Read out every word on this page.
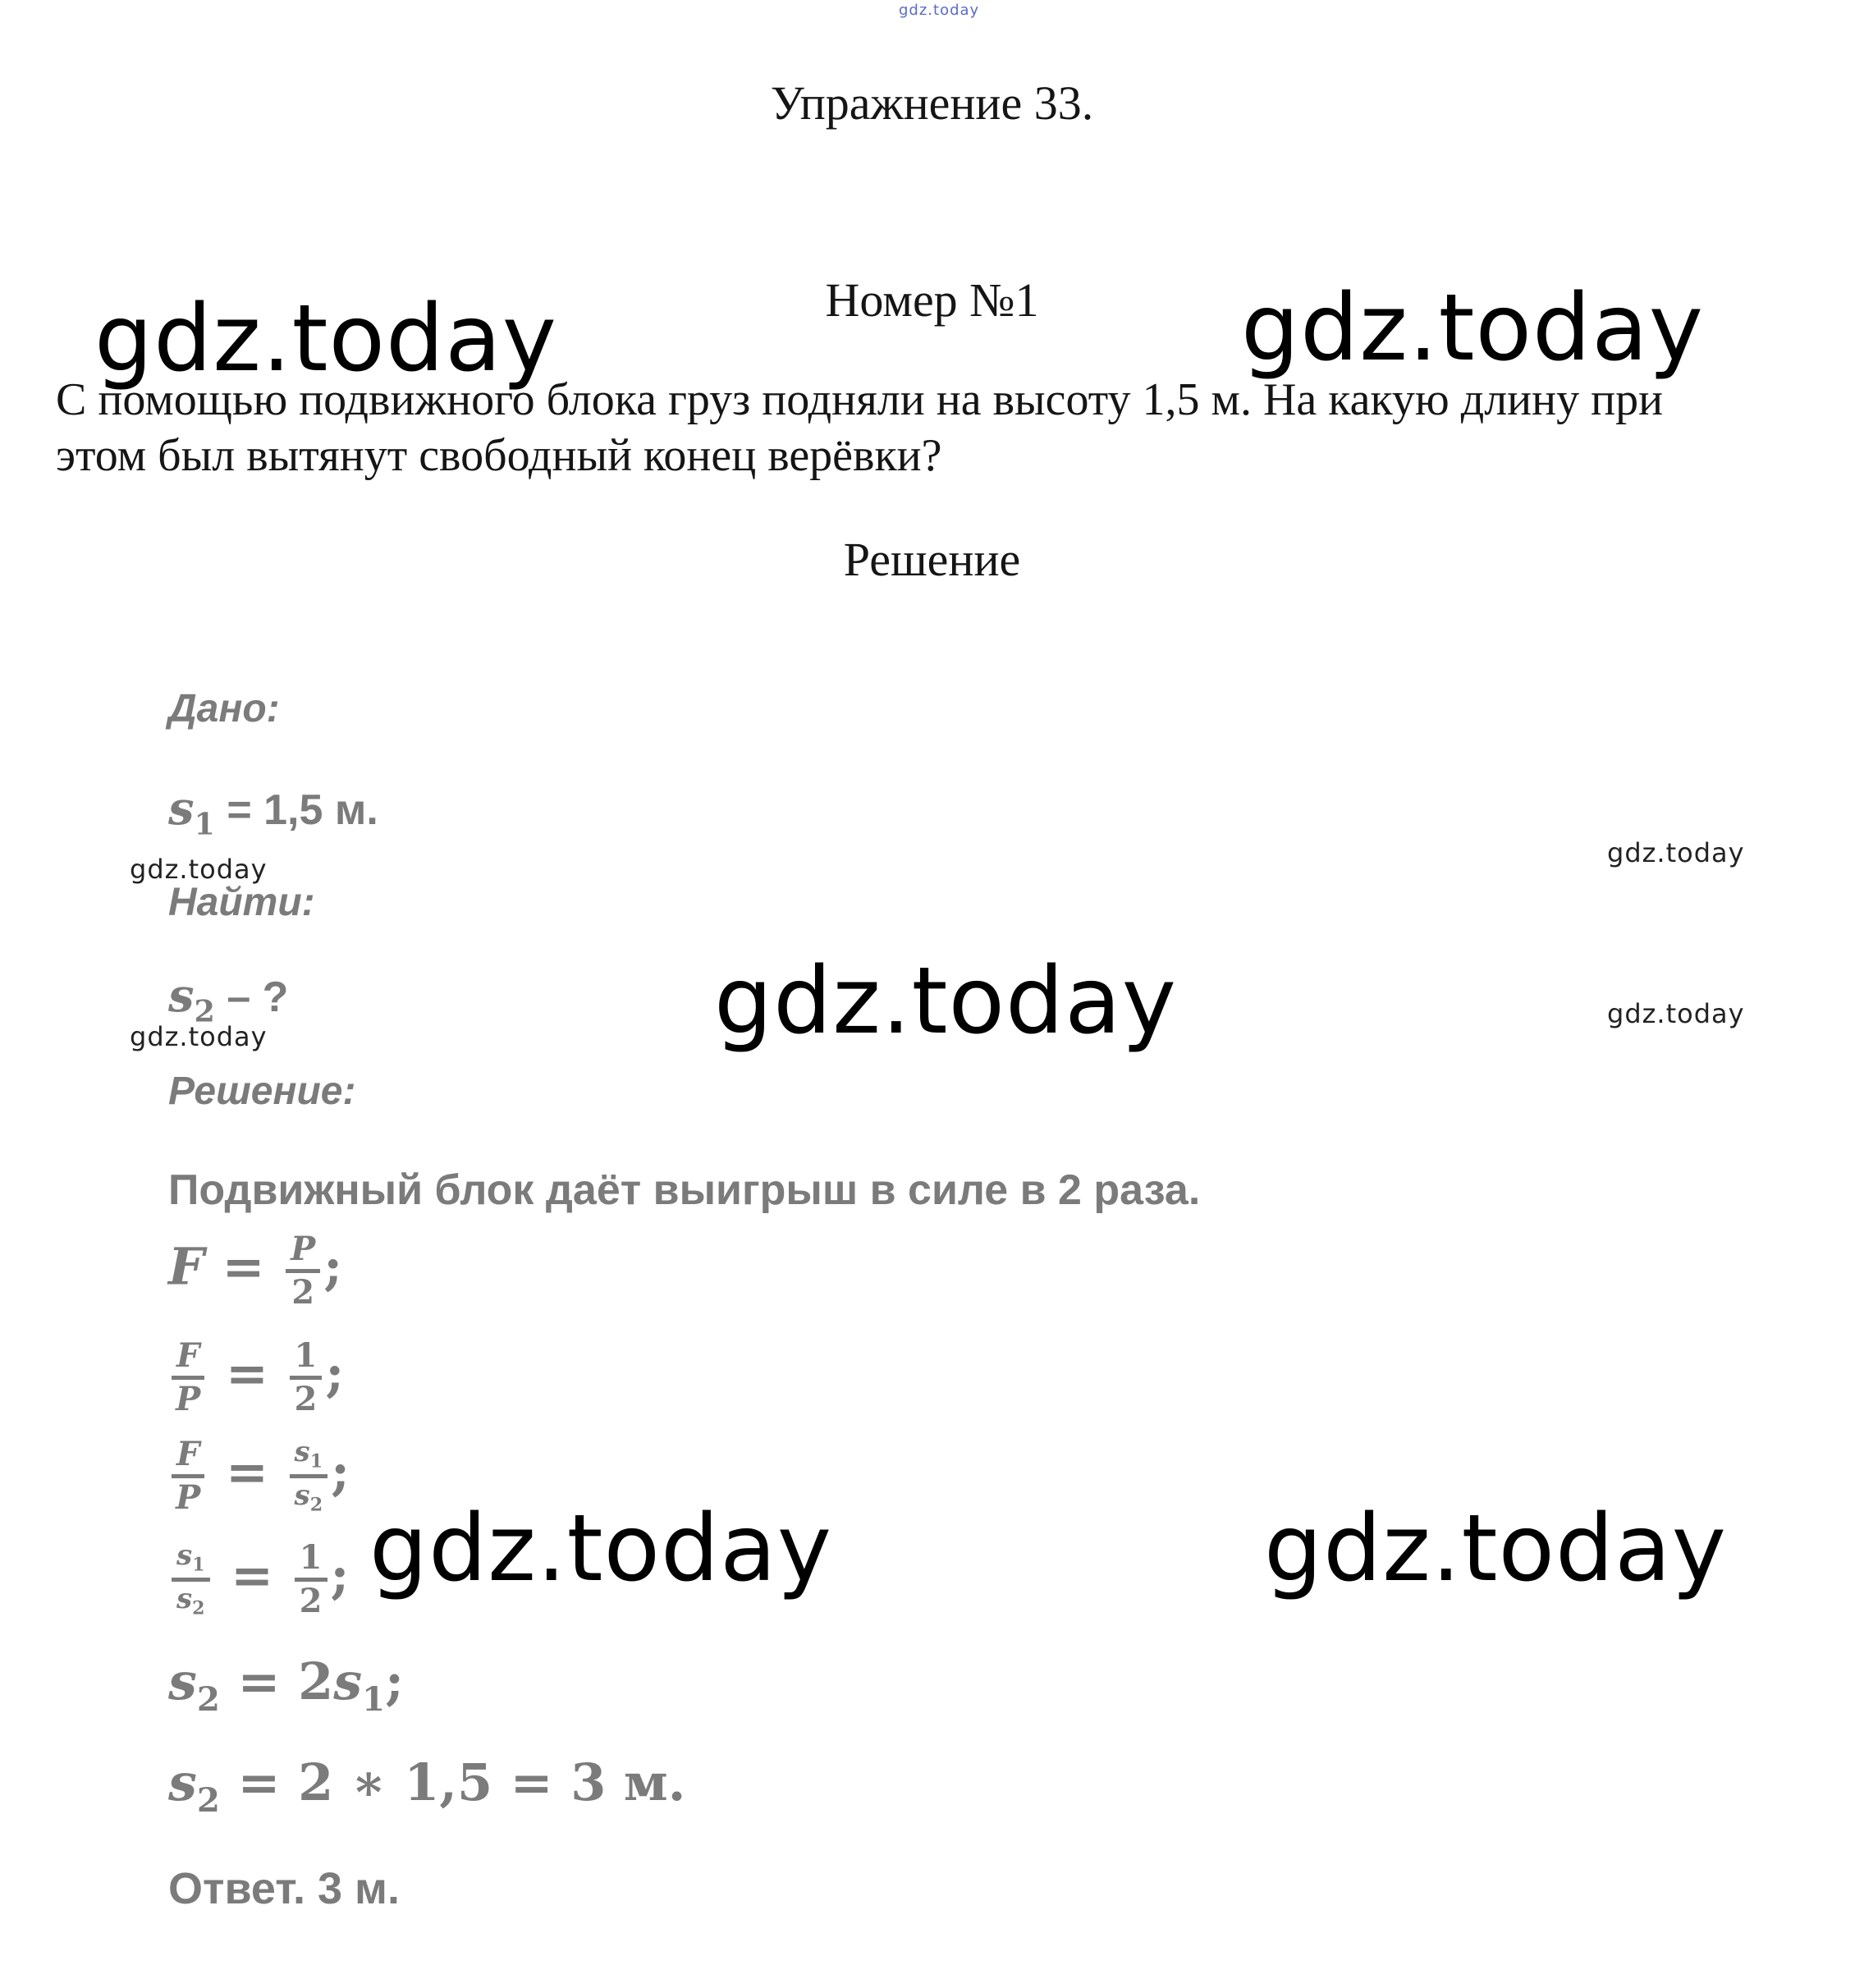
gdz.today
Упражнение 33.
Номер №1
gdz.today	gdz.today
С помощью подвижного блока груз подняли на высоту 1,5 м. На какую длину при
этом был вытянут свободный конец верёвки?
Решение
Дано:
$s_1 = 1,5$ м.
gdz.today
gdz.today
Найти:
$s_2$ – ?	gdz.today
gdz.today
gdz.today
Решение:
Подвижный блок даёт выигрыш в силе в 2 раза.
$F = \frac{P}{2}$ ;
$\frac{F}{P} = \frac{1}{2}$ ;
$\frac{F}{P} = \frac{s_1}{s_2}$ ;
$\frac{s_1}{s_2} = \frac{1}{2}$ ; gdz.today	gdz.today
$s_2 = 2s_1$;
$s_2 = 2$ ∗ 1,5 = 3 м.
Ответ. 3 м.
